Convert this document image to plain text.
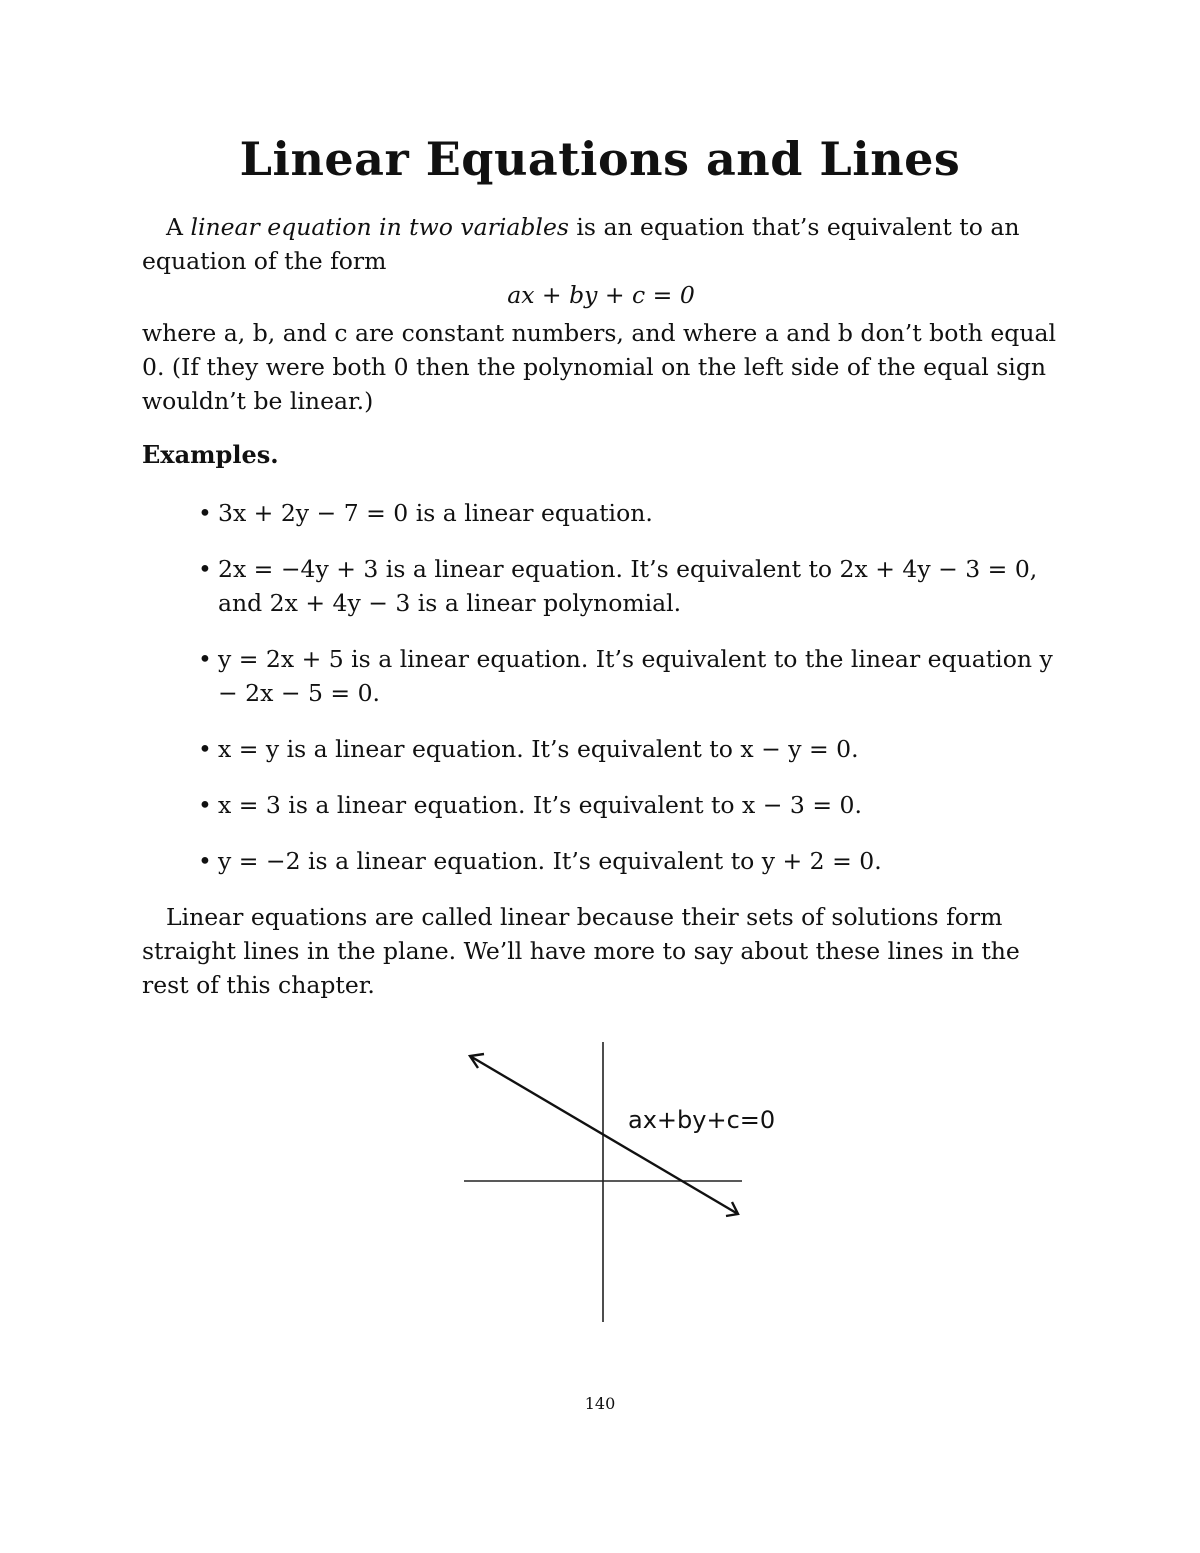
Linear Equations and Lines
A linear equation in two variables is an equation that’s equivalent to an equation of the form
ax + by + c = 0
where a, b, and c are constant numbers, and where a and b don’t both equal 0. (If they were both 0 then the polynomial on the left side of the equal sign wouldn’t be linear.)
Examples.
• 3x + 2y − 7 = 0 is a linear equation.
• 2x = −4y + 3 is a linear equation. It’s equivalent to 2x + 4y − 3 = 0, and 2x + 4y − 3 is a linear polynomial.
• y = 2x + 5 is a linear equation. It’s equivalent to the linear equation y − 2x − 5 = 0.
• x = y is a linear equation. It’s equivalent to x − y = 0.
• x = 3 is a linear equation. It’s equivalent to x − 3 = 0.
• y = −2 is a linear equation. It’s equivalent to y + 2 = 0.
Linear equations are called linear because their sets of solutions form straight lines in the plane. We’ll have more to say about these lines in the rest of this chapter.
ax+by+c=0
140
